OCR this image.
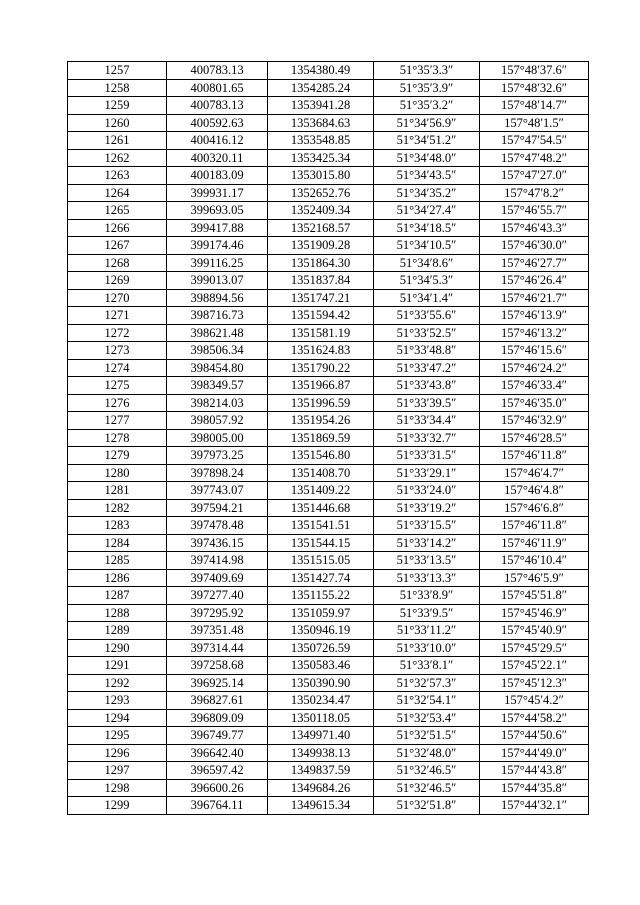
1257	400783.13	1354380.49	51°35′3.3″	157°48′37.6″
1258	400801.65	1354285.24	51°35′3.9″	157°48′32.6″
1259	400783.13	1353941.28	51°35′3.2″	157°48′14.7″
1260	400592.63	1353684.63	51°34′56.9″	157°48′1.5″
1261	400416.12	1353548.85	51°34′51.2″	157°47′54.5″
1262	400320.11	1353425.34	51°34′48.0″	157°47′48.2″
1263	400183.09	1353015.80	51°34′43.5″	157°47′27.0″
1264	399931.17	1352652.76	51°34′35.2″	157°47′8.2″
1265	399693.05	1352409.34	51°34′27.4″	157°46′55.7″
1266	399417.88	1352168.57	51°34′18.5″	157°46′43.3″
1267	399174.46	1351909.28	51°34′10.5″	157°46′30.0″
1268	399116.25	1351864.30	51°34′8.6″	157°46′27.7″
1269	399013.07	1351837.84	51°34′5.3″	157°46′26.4″
1270	398894.56	1351747.21	51°34′1.4″	157°46′21.7″
1271	398716.73	1351594.42	51°33′55.6″	157°46′13.9″
1272	398621.48	1351581.19	51°33′52.5″	157°46′13.2″
1273	398506.34	1351624.83	51°33′48.8″	157°46′15.6″
1274	398454.80	1351790.22	51°33′47.2″	157°46′24.2″
1275	398349.57	1351966.87	51°33′43.8″	157°46′33.4″
1276	398214.03	1351996.59	51°33′39.5″	157°46′35.0″
1277	398057.92	1351954.26	51°33′34.4″	157°46′32.9″
1278	398005.00	1351869.59	51°33′32.7″	157°46′28.5″
1279	397973.25	1351546.80	51°33′31.5″	157°46′11.8″
1280	397898.24	1351408.70	51°33′29.1″	157°46′4.7″
1281	397743.07	1351409.22	51°33′24.0″	157°46′4.8″
1282	397594.21	1351446.68	51°33′19.2″	157°46′6.8″
1283	397478.48	1351541.51	51°33′15.5″	157°46′11.8″
1284	397436.15	1351544.15	51°33′14.2″	157°46′11.9″
1285	397414.98	1351515.05	51°33′13.5″	157°46′10.4″
1286	397409.69	1351427.74	51°33′13.3″	157°46′5.9″
1287	397277.40	1351155.22	51°33′8.9″	157°45′51.8″
1288	397295.92	1351059.97	51°33′9.5″	157°45′46.9″
1289	397351.48	1350946.19	51°33′11.2″	157°45′40.9″
1290	397314.44	1350726.59	51°33′10.0″	157°45′29.5″
1291	397258.68	1350583.46	51°33′8.1″	157°45′22.1″
1292	396925.14	1350390.90	51°32′57.3″	157°45′12.3″
1293	396827.61	1350234.47	51°32′54.1″	157°45′4.2″
1294	396809.09	1350118.05	51°32′53.4″	157°44′58.2″
1295	396749.77	1349971.40	51°32′51.5″	157°44′50.6″
1296	396642.40	1349938.13	51°32′48.0″	157°44′49.0″
1297	396597.42	1349837.59	51°32′46.5″	157°44′43.8″
1298	396600.26	1349684.26	51°32′46.5″	157°44′35.8″
1299	396764.11	1349615.34	51°32′51.8″	157°44′32.1″
